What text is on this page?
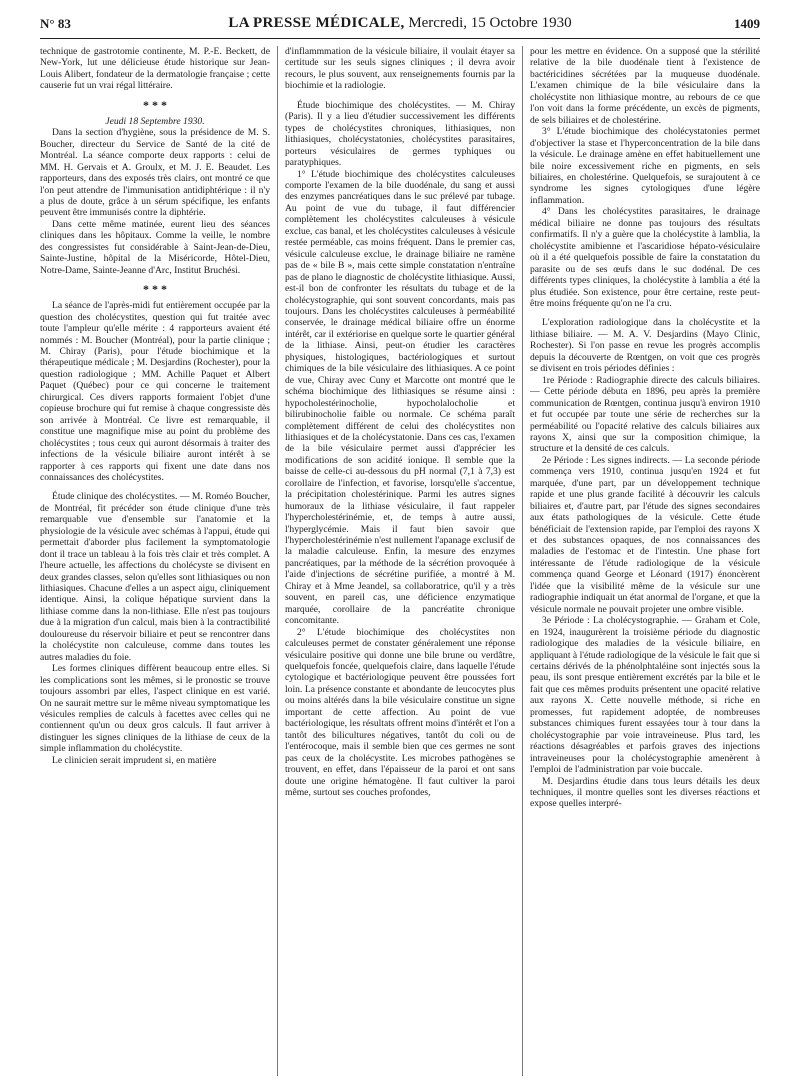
N° 83	LA PRESSE MÉDICALE, Mercredi, 15 Octobre 1930	1409

technique de gastrotomie continente, M. P.-E. Beckett, de New-York, lut une délicieuse étude historique sur Jean-Louis Alibert, fondateur de la dermatologie française ; cette causerie fut un vrai régal littéraire.

* * *

Jeudi 18 Septembre 1930.

Dans la section d'hygiène, sous la présidence de M. S. Boucher, directeur du Service de Santé de la cité de Montréal. La séance comporte deux rapports : celui de MM. H. Gervais et A. Groulx, et M. J. E. Beaudet. Les rapporteurs, dans des exposés très clairs, ont montré ce que l'on peut attendre de l'immunisation antidiphtérique : il n'y a plus de doute, grâce à un sérum spécifique, les enfants peuvent être immunisés contre la diphtérie.

Dans cette même matinée, eurent lieu des séances cliniques dans les hôpitaux. Comme la veille, le nombre des congressistes fut considérable à Saint-Jean-de-Dieu, Sainte-Justine, hôpital de la Miséricorde, Hôtel-Dieu, Notre-Dame, Sainte-Jeanne d'Arc, Institut Bruchési.

* * *

La séance de l'après-midi fut entièrement occupée par la question des cholécystites, question qui fut traitée avec toute l'ampleur qu'elle mérite : 4 rapporteurs avaient été nommés : M. Boucher (Montréal), pour la partie clinique ; M. Chiray (Paris), pour l'étude biochimique et la thérapeutique médicale ; M. Desjardins (Rochester), pour la question radiologique ; MM. Achille Paquet et Albert Paquet (Québec) pour ce qui concerne le traitement chirurgical. Ces divers rapports formaient l'objet d'une copieuse brochure qui fut remise à chaque congressiste dès son arrivée à Montréal. Ce livre est remarquable, il constitue une magnifique mise au point du problème des cholécystites ; tous ceux qui auront désormais à traiter des infections de la vésicule biliaire auront intérêt à se rapporter à ces rapports qui fixent une date dans nos connaissances des cholécystites.

Étude clinique des cholécystites. — M. Roméo Boucher, de Montréal, fit précéder son étude clinique d'une très remarquable vue d'ensemble sur l'anatomie et la physiologie de la vésicule avec schémas à l'appui, étude qui permettait d'aborder plus facilement la symptomatologie dont il trace un tableau à la fois très clair et très complet. A l'heure actuelle, les affections du cholécyste se divisent en deux grandes classes, selon qu'elles sont lithiasiques ou non lithiasiques. Chacune d'elles a un aspect aigu, cliniquement identique. Ainsi, la colique hépatique survient dans la lithiase comme dans la non-lithiase. Elle n'est pas toujours due à la migration d'un calcul, mais bien à la contractibilité douloureuse du réservoir biliaire et peut se rencontrer dans la cholécystite non calculeuse, comme dans toutes les autres maladies du foie.

Les formes cliniques diffèrent beaucoup entre elles. Si les complications sont les mêmes, si le pronostic se trouve toujours assombri par elles, l'aspect clinique en est varié. On ne saurait mettre sur le même niveau symptomatique les vésicules remplies de calculs à facettes avec celles qui ne contiennent qu'un ou deux gros calculs. Il faut arriver à distinguer les signes cliniques de la lithiase de ceux de la simple inflammation du cholécystite.

Le clinicien serait imprudent si, en matière

d'inflammmation de la vésicule biliaire, il voulait étayer sa certitude sur les seuls signes cliniques ; il devra avoir recours, le plus souvent, aux renseignements fournis par la biochimie et la radiologie.

Étude biochimique des cholécystites. — M. Chiray (Paris). Il y a lieu d'étudier successivement les différents types de cholécystites chroniques, lithiasiques, non lithiasiques, cholécystatonies, cholécystites parasitaires, porteurs vésiculaires de germes typhiques ou paratyphiques.

1° L'étude biochimique des cholécystites calculeuses comporte l'examen de la bile duodénale, du sang et aussi des enzymes pancréatiques dans le suc prélevé par tubage. Au point de vue du tubage, il faut différencier complètement les cholécystites calculeuses à vésicule exclue, cas banal, et les cholécystites calculeuses à vésicule restée perméable, cas moins fréquent. Dans le premier cas, vésicule calculeuse exclue, le drainage biliaire ne ramène pas de « bile B », mais cette simple constatation n'entraîne pas de plano le diagnostic de cholécystite lithiasique. Aussi, est-il bon de confronter les résultats du tubage et de la cholécystographie, qui sont souvent concordants, mais pas toujours. Dans les cholécystites calculeuses à perméabilité conservée, le drainage médical biliaire offre un énorme intérêt, car il extériorise en quelque sorte le quartier général de la lithiase. Ainsi, peut-on étudier les caractères physiques, histologiques, bactériologiques et surtout chimiques de la bile vésiculaire des lithiasiques. A ce point de vue, Chiray avec Cuny et Marcotte ont montré que le schéma biochimique des lithiasiques se résume ainsi : hypocholestérinocholie, hypocholalocholie et bilirubinocholie faible ou normale. Ce schéma paraît complètement différent de celui des cholécystites non lithiasiques et de la cholécystatonie. Dans ces cas, l'examen de la bile vésiculaire permet aussi d'apprécier les modifications de son acidité ionique. Il semble que la baisse de celle-ci au-dessous du pH normal (7,1 à 7,3) est corollaire de l'infection, et favorise, lorsqu'elle s'accentue, la précipitation cholestérinique. Parmi les autres signes humoraux de la lithiase vésiculaire, il faut rappeler l'hypercholestérinémie, et, de temps à autre aussi, l'hyperglycémie. Mais il faut bien savoir que l'hypercholestérinémie n'est nullement l'apanage exclusif de la maladie calculeuse. Enfin, la mesure des enzymes pancréatiques, par la méthode de la sécrétion provoquée à l'aide d'injections de sécrétine purifiée, a montré à M. Chiray et à Mme Jeandel, sa collaboratrice, qu'il y a très souvent, en pareil cas, une déficience enzymatique marquée, corollaire de la pancréatite chronique concomitante.

2° L'étude biochimique des cholécystites non calculeuses permet de constater généralement une réponse vésiculaire positive qui donne une bile brune ou verdâtre, quelquefois foncée, quelquefois claire, dans laquelle l'étude cytologique et bactériologique peuvent être poussées fort loin. La présence constante et abondante de leucocytes plus ou moins altérés dans la bile vésiculaire constitue un signe important de cette affection. Au point de vue bactériologique, les résultats offrent moins d'intérêt et l'on a tantôt des bilicultures négatives, tantôt du coli ou de l'entérocoque, mais il semble bien que ces germes ne sont pas ceux de la cholécystite. Les microbes pathogènes se trouvent, en effet, dans l'épaisseur de la paroi et ont sans doute une origine hématogène. Il faut cultiver la paroi même, surtout ses couches profondes,

pour les mettre en évidence. On a supposé que la stérilité relative de la bile duodénale tient à l'existence de bactéricidines sécrétées par la muqueuse duodénale. L'examen chimique de la bile vésiculaire dans la cholécystite non lithiasique montre, au rebours de ce que l'on voit dans la forme précédente, un excès de pigments, de sels biliaires et de cholestérine.

3° L'étude biochimique des cholécystatonies permet d'objectiver la stase et l'hyperconcentration de la bile dans la vésicule. Le drainage amène en effet habituellement une bile noire excessivement riche en pigments, en sels biliaires, en cholestérine. Quelquefois, se surajoutent à ce syndrome les signes cytologiques d'une légère inflammation.

4° Dans les cholécystites parasitaires, le drainage médical biliaire ne donne pas toujours des résultats confirmatifs. Il n'y a guère que la cholécystite à lamblia, la cholécystite amibienne et l'ascaridiose hépato-vésiculaire où il a été quelquefois possible de faire la constatation du parasite ou de ses œufs dans le suc dodénal. De ces différents types cliniques, la cholécystite à lamblia a été la plus étudiée. Son existence, pour être certaine, reste peut-être moins fréquente qu'on ne l'a cru.

L'exploration radiologique dans la cholécystite et la lithiase biliaire. — M. A. V. Desjardins (Mayo Clinic, Rochester). Si l'on passe en revue les progrès accomplis depuis la découverte de Rœntgen, on voit que ces progrès se divisent en trois périodes définies :

1re Période : Radiographie directe des calculs biliaires. — Cette période débuta en 1896, peu après la première communication de Rœntgen, continua jusqu'à environ 1910 et fut occupée par toute une série de recherches sur la perméabilité ou l'opacité relative des calculs biliaires aux rayons X, ainsi que sur la composition chimique, la structure et la densité de ces calculs.

2e Période : Les signes indirects. — La seconde période commença vers 1910, continua jusqu'en 1924 et fut marquée, d'une part, par un développement technique rapide et une plus grande facilité à découvrir les calculs biliaires et, d'autre part, par l'étude des signes secondaires aux états pathologiques de la vésicule. Cette étude bénéficiait de l'extension rapide, par l'emploi des rayons X et des substances opaques, de nos connaissances des maladies de l'estomac et de l'intestin. Une phase fort intéressante de l'étude radiologique de la vésicule commença quand George et Léonard (1917) énoncèrent l'idée que la visibilité même de la vésicule sur une radiographie indiquait un état anormal de l'organe, et que la vésicule normale ne pouvait projeter une ombre visible.

3e Période : La cholécystographie. — Graham et Cole, en 1924, inaugurèrent la troisième période du diagnostic radiologique des maladies de la vésicule biliaire, en appliquant à l'étude radiologique de la vésicule le fait que si certains dérivés de la phénolphtaléine sont injectés sous la peau, ils sont presque entièrement excrétés par la bile et le fait que ces mêmes produits présentent une opacité relative aux rayons X. Cette nouvelle méthode, si riche en promesses, fut rapidement adoptée, de nombreuses substances chimiques furent essayées tour à tour dans la cholécystographie par voie intraveineuse. Plus tard, les réactions désagréables et parfois graves des injections intraveineuses pour la cholécystographie amenèrent à l'emploi de l'administration par voie buccale.

M. Desjardins étudie dans tous leurs détails les deux techniques, il montre quelles sont les diverses réactions et expose quelles interpré-
